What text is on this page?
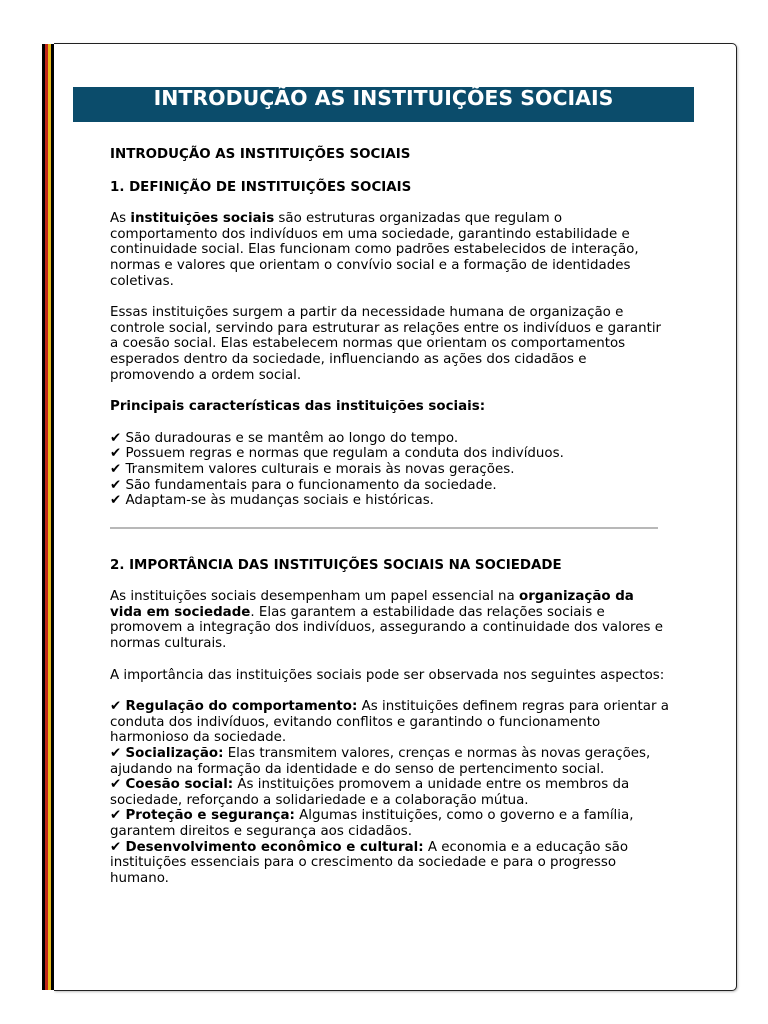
INTRODUÇÃO AS INSTITUIÇÕES SOCIAIS

INTRODUÇÃO AS INSTITUIÇÕES SOCIAIS

1. DEFINIÇÃO DE INSTITUIÇÕES SOCIAIS

As instituições sociais são estruturas organizadas que regulam o comportamento dos indivíduos em uma sociedade, garantindo estabilidade e continuidade social. Elas funcionam como padrões estabelecidos de interação, normas e valores que orientam o convívio social e a formação de identidades coletivas.

Essas instituições surgem a partir da necessidade humana de organização e controle social, servindo para estruturar as relações entre os indivíduos e garantir a coesão social. Elas estabelecem normas que orientam os comportamentos esperados dentro da sociedade, influenciando as ações dos cidadãos e promovendo a ordem social.

Principais características das instituições sociais:

✔ São duradouras e se mantêm ao longo do tempo.
✔ Possuem regras e normas que regulam a conduta dos indivíduos.
✔ Transmitem valores culturais e morais às novas gerações.
✔ São fundamentais para o funcionamento da sociedade.
✔ Adaptam-se às mudanças sociais e históricas.

2. IMPORTÂNCIA DAS INSTITUIÇÕES SOCIAIS NA SOCIEDADE

As instituições sociais desempenham um papel essencial na organização da vida em sociedade. Elas garantem a estabilidade das relações sociais e promovem a integração dos indivíduos, assegurando a continuidade dos valores e normas culturais.

A importância das instituições sociais pode ser observada nos seguintes aspectos:

✔ Regulação do comportamento: As instituições definem regras para orientar a conduta dos indivíduos, evitando conflitos e garantindo o funcionamento harmonioso da sociedade.

✔ Socialização: Elas transmitem valores, crenças e normas às novas gerações, ajudando na formação da identidade e do senso de pertencimento social.

✔ Coesão social: As instituições promovem a unidade entre os membros da sociedade, reforçando a solidariedade e a colaboração mútua.

✔ Proteção e segurança: Algumas instituições, como o governo e a família, garantem direitos e segurança aos cidadãos.

✔ Desenvolvimento econômico e cultural: A economia e a educação são instituições essenciais para o crescimento da sociedade e para o progresso humano.
